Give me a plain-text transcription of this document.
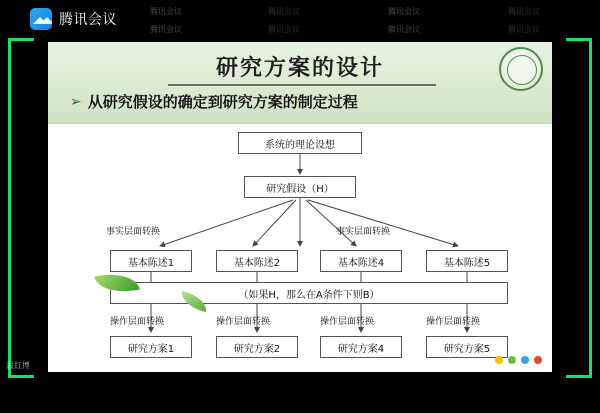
腾讯会议
腾讯会议	腾讯会议	腾讯会议	腾讯会议
腾讯会议	腾讯会议	腾讯会议	腾讯会议
研究方案的设计
➢ 从研究假设的确定到研究方案的制定过程
系统的理论设想
研究假设（H）
基本陈述1	基本陈述2	基本陈述4	基本陈述5
（如果H，那么在A条件下则B）
研究方案1	研究方案2	研究方案4	研究方案5
事实层面转换	事实层面转换
操作层面转换	操作层面转换	操作层面转换	操作层面转换
温红博
